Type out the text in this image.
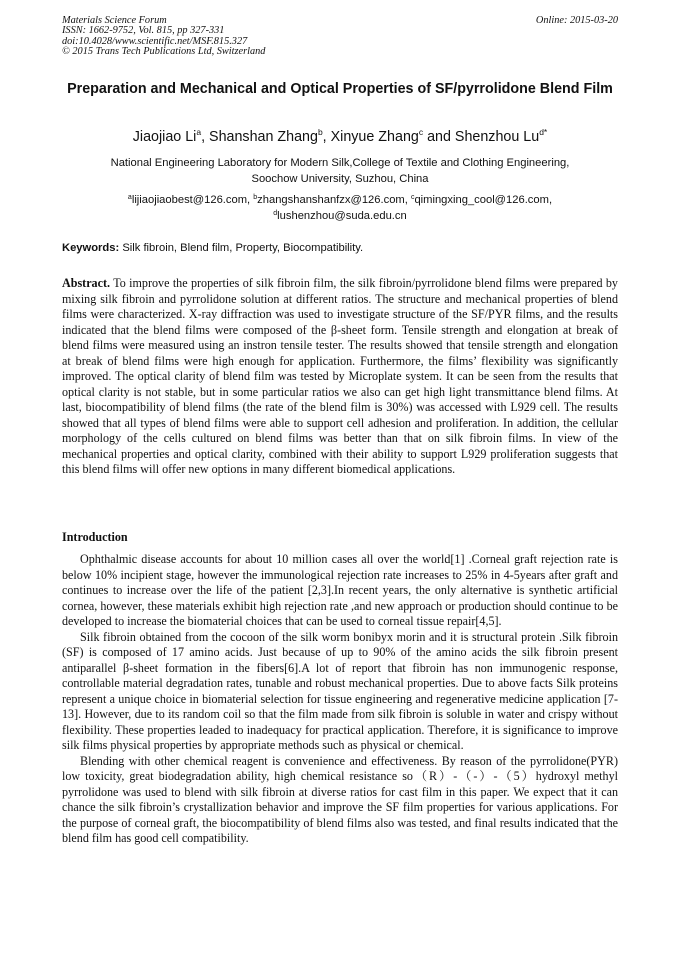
Materials Science Forum
ISSN: 1662-9752, Vol. 815, pp 327-331
doi:10.4028/www.scientific.net/MSF.815.327
© 2015 Trans Tech Publications Ltd, Switzerland
Online: 2015-03-20
Preparation and Mechanical and Optical Properties of SF/pyrrolidone Blend Film
Jiaojiao Li$^a$, Shanshan Zhang$^b$, Xinyue Zhang$^c$ and Shenzhou $Lu^{d*}$

National Engineering Laboratory for Modern Silk,College of Textile and Clothing Engineering,

Soochow University, Suzhou, China

$^a$lijiaojiaobest@126.com, $^b$zhangshanshanfzx@126.com, $^c$qimingxing_cool@126.com,

$^d$lushenzhou@suda.edu.cn

Keywords: Silk fibroin, Blend film, Property, Biocompatibility.

Abstract. To improve the properties of silk fibroin film, the silk fibroin/pyrrolidone blend films were prepared by mixing silk fibroin and pyrrolidone solution at different ratios. The structure and mechanical properties of blend films were characterized. X-ray diffraction was used to investigate structure of the SF/PYR films, and the results indicated that the blend films were composed of the β-sheet form. Tensile strength and elongation at break of blend films were measured using an instron tensile tester. The results showed that tensile strength and elongation at break of blend films were high enough for application. Furthermore, the films’ flexibility was significantly improved. The optical clarity of blend film was tested by Microplate system. It can be seen from the results that optical clarity is not stable, but in some particular ratios we also can get high light transmittance blend films. At last, biocompatibility of blend films (the rate of the blend film is 30%) was accessed with L929 cell. The results showed that all types of blend films were able to support cell adhesion and proliferation. In addition, the cellular morphology of the cells cultured on blend films was better than that on silk fibroin films. In view of the mechanical properties and optical clarity, combined with their ability to support L929 proliferation suggests that this blend films will offer new options in many different biomedical applications.

Introduction

Ophthalmic disease accounts for about 10 million cases all over the world[1] .Corneal graft rejection rate is below 10% incipient stage, however the immunological rejection rate increases to 25% in 4-5years after graft and continues to increase over the life of the patient [2,3].In recent years, the only alternative is synthetic artificial cornea, however, these materials exhibit high rejection rate ,and new approach or production should continue to be developed to increase the biomaterial choices that can be used to corneal tissue repair[4,5].

Silk fibroin obtained from the cocoon of the silk worm bonibyx morin and it is structural protein .Silk fibroin (SF) is composed of 17 amino acids. Just because of up to 90% of the amino acids the silk fibroin present antiparallel β-sheet formation in the fibers[6].A lot of report that fibroin has non immunogenic response, controllable material degradation rates, tunable and robust mechanical properties. Due to above facts Silk proteins represent a unique choice in biomaterial selection for tissue engineering and regenerative medicine application [7-13]. However, due to its random coil so that the film made from silk fibroin is soluble in water and crispy without flexibility. These properties leaded to inadequacy for practical application. Therefore, it is significance to improve silk films physical properties by appropriate methods such as physical or chemical.

Blending with other chemical reagent is convenience and effectiveness. By reason of the pyrrolidone(PYR) low toxicity, great biodegradation ability, high chemical resistance so（R）-（-）-（5）hydroxyl methyl pyrrolidone was used to blend with silk fibroin at diverse ratios for cast film in this paper. We expect that it can chance the silk fibroin’s crystallization behavior and improve the SF film properties for various applications. For the purpose of corneal graft, the biocompatibility of blend films also was tested, and final results indicated that the blend film has good cell compatibility.
